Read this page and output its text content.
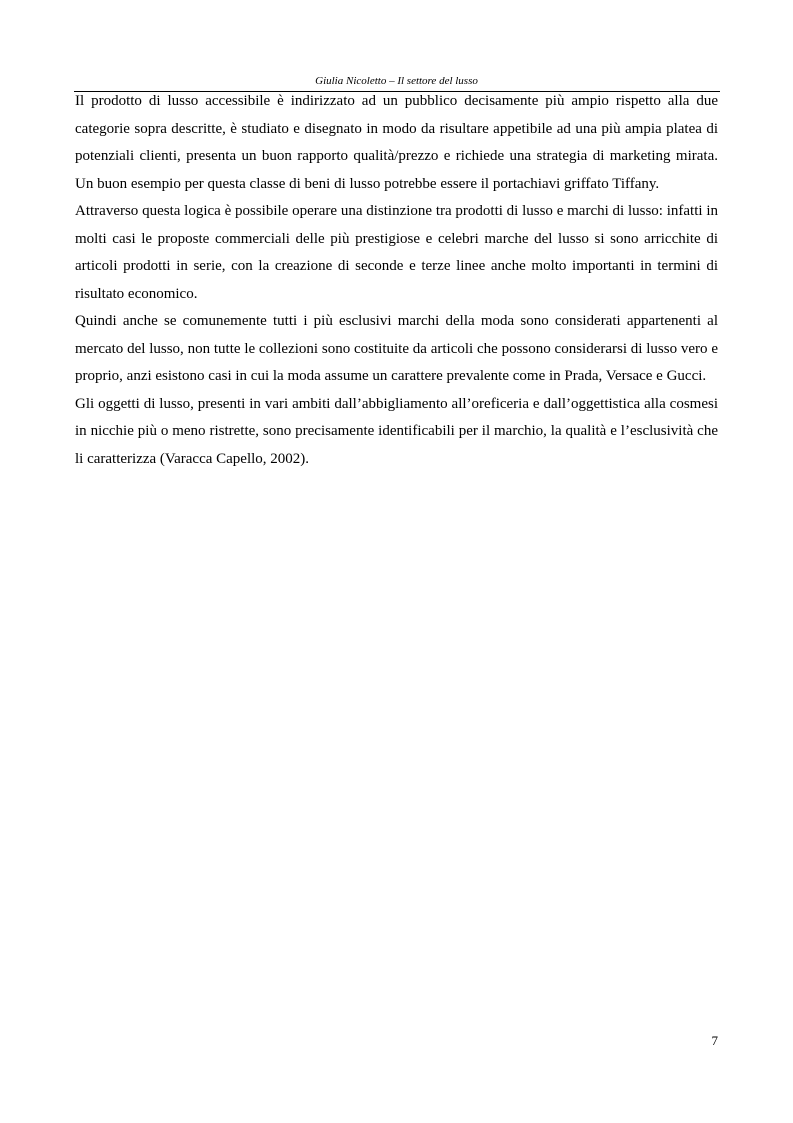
Giulia Nicoletto – Il settore del lusso

Il prodotto di lusso accessibile è indirizzato ad un pubblico decisamente più ampio rispetto alla due categorie sopra descritte, è studiato e disegnato in modo da risultare appetibile ad una più ampia platea di potenziali clienti, presenta un buon rapporto qualità/prezzo e richiede una strategia di marketing mirata. Un buon esempio per questa classe di beni di lusso potrebbe essere il portachiavi griffato Tiffany.

Attraverso questa logica è possibile operare una distinzione tra prodotti di lusso e marchi di lusso: infatti in molti casi le proposte commerciali delle più prestigiose e celebri marche del lusso si sono arricchite di articoli prodotti in serie, con la creazione di seconde e terze linee anche molto importanti in termini di risultato economico.

Quindi anche se comunemente tutti i più esclusivi marchi della moda sono considerati appartenenti al mercato del lusso, non tutte le collezioni sono costituite da articoli che possono considerarsi di lusso vero e proprio, anzi esistono casi in cui la moda assume un carattere prevalente come in Prada, Versace e Gucci.

Gli oggetti di lusso, presenti in vari ambiti dall’abbigliamento all’oreficeria e dall’oggettistica alla cosmesi in nicchie più o meno ristrette, sono precisamente identificabili per il marchio, la qualità e l’esclusività che li caratterizza (Varacca Capello, 2002).

7
